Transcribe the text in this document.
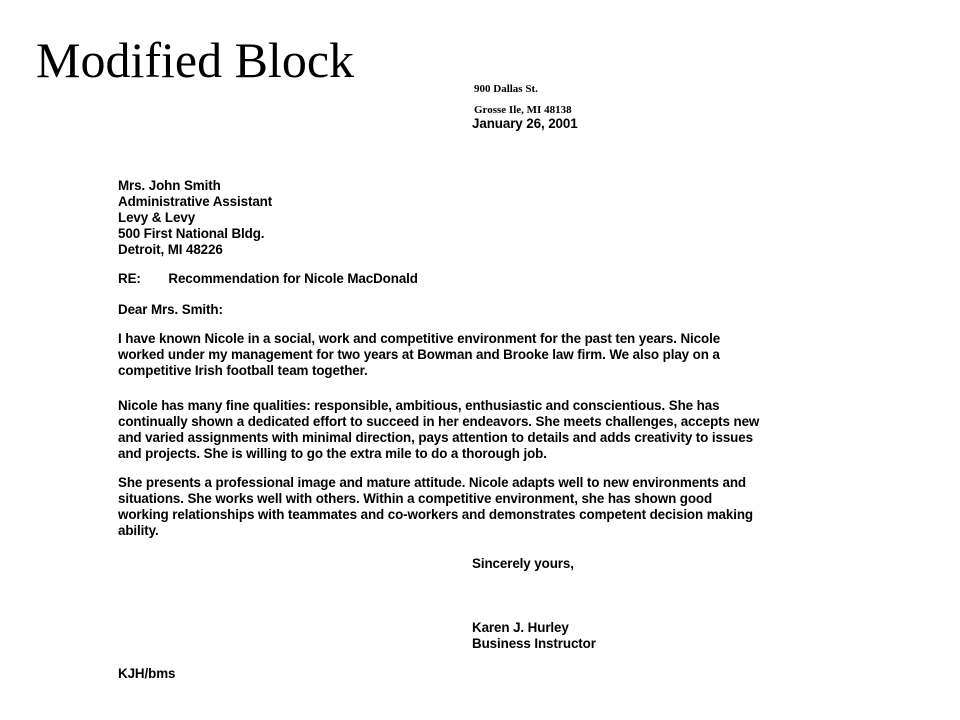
Modified Block
900 Dallas St.
Grosse Ile, MI 48138
January 26, 2001
Mrs. John Smith
Administrative Assistant
Levy & Levy
500 First National Bldg.
Detroit, MI 48226
RE: Recommendation for Nicole MacDonald
Dear Mrs. Smith:
I have known Nicole in a social, work and competitive environment for the past ten years. Nicole
worked under my management for two years at Bowman and Brooke law firm. We also play on a
competitive Irish football team together.
Nicole has many fine qualities: responsible, ambitious, enthusiastic and conscientious. She has
continually shown a dedicated effort to succeed in her endeavors. She meets challenges, accepts new
and varied assignments with minimal direction, pays attention to details and adds creativity to issues
and projects. She is willing to go the extra mile to do a thorough job.
She presents a professional image and mature attitude. Nicole adapts well to new environments and
situations. She works well with others. Within a competitive environment, she has shown good
working relationships with teammates and co-workers and demonstrates competent decision making
ability.
Sincerely yours,
Karen J. Hurley
Business Instructor
KJH/bms
